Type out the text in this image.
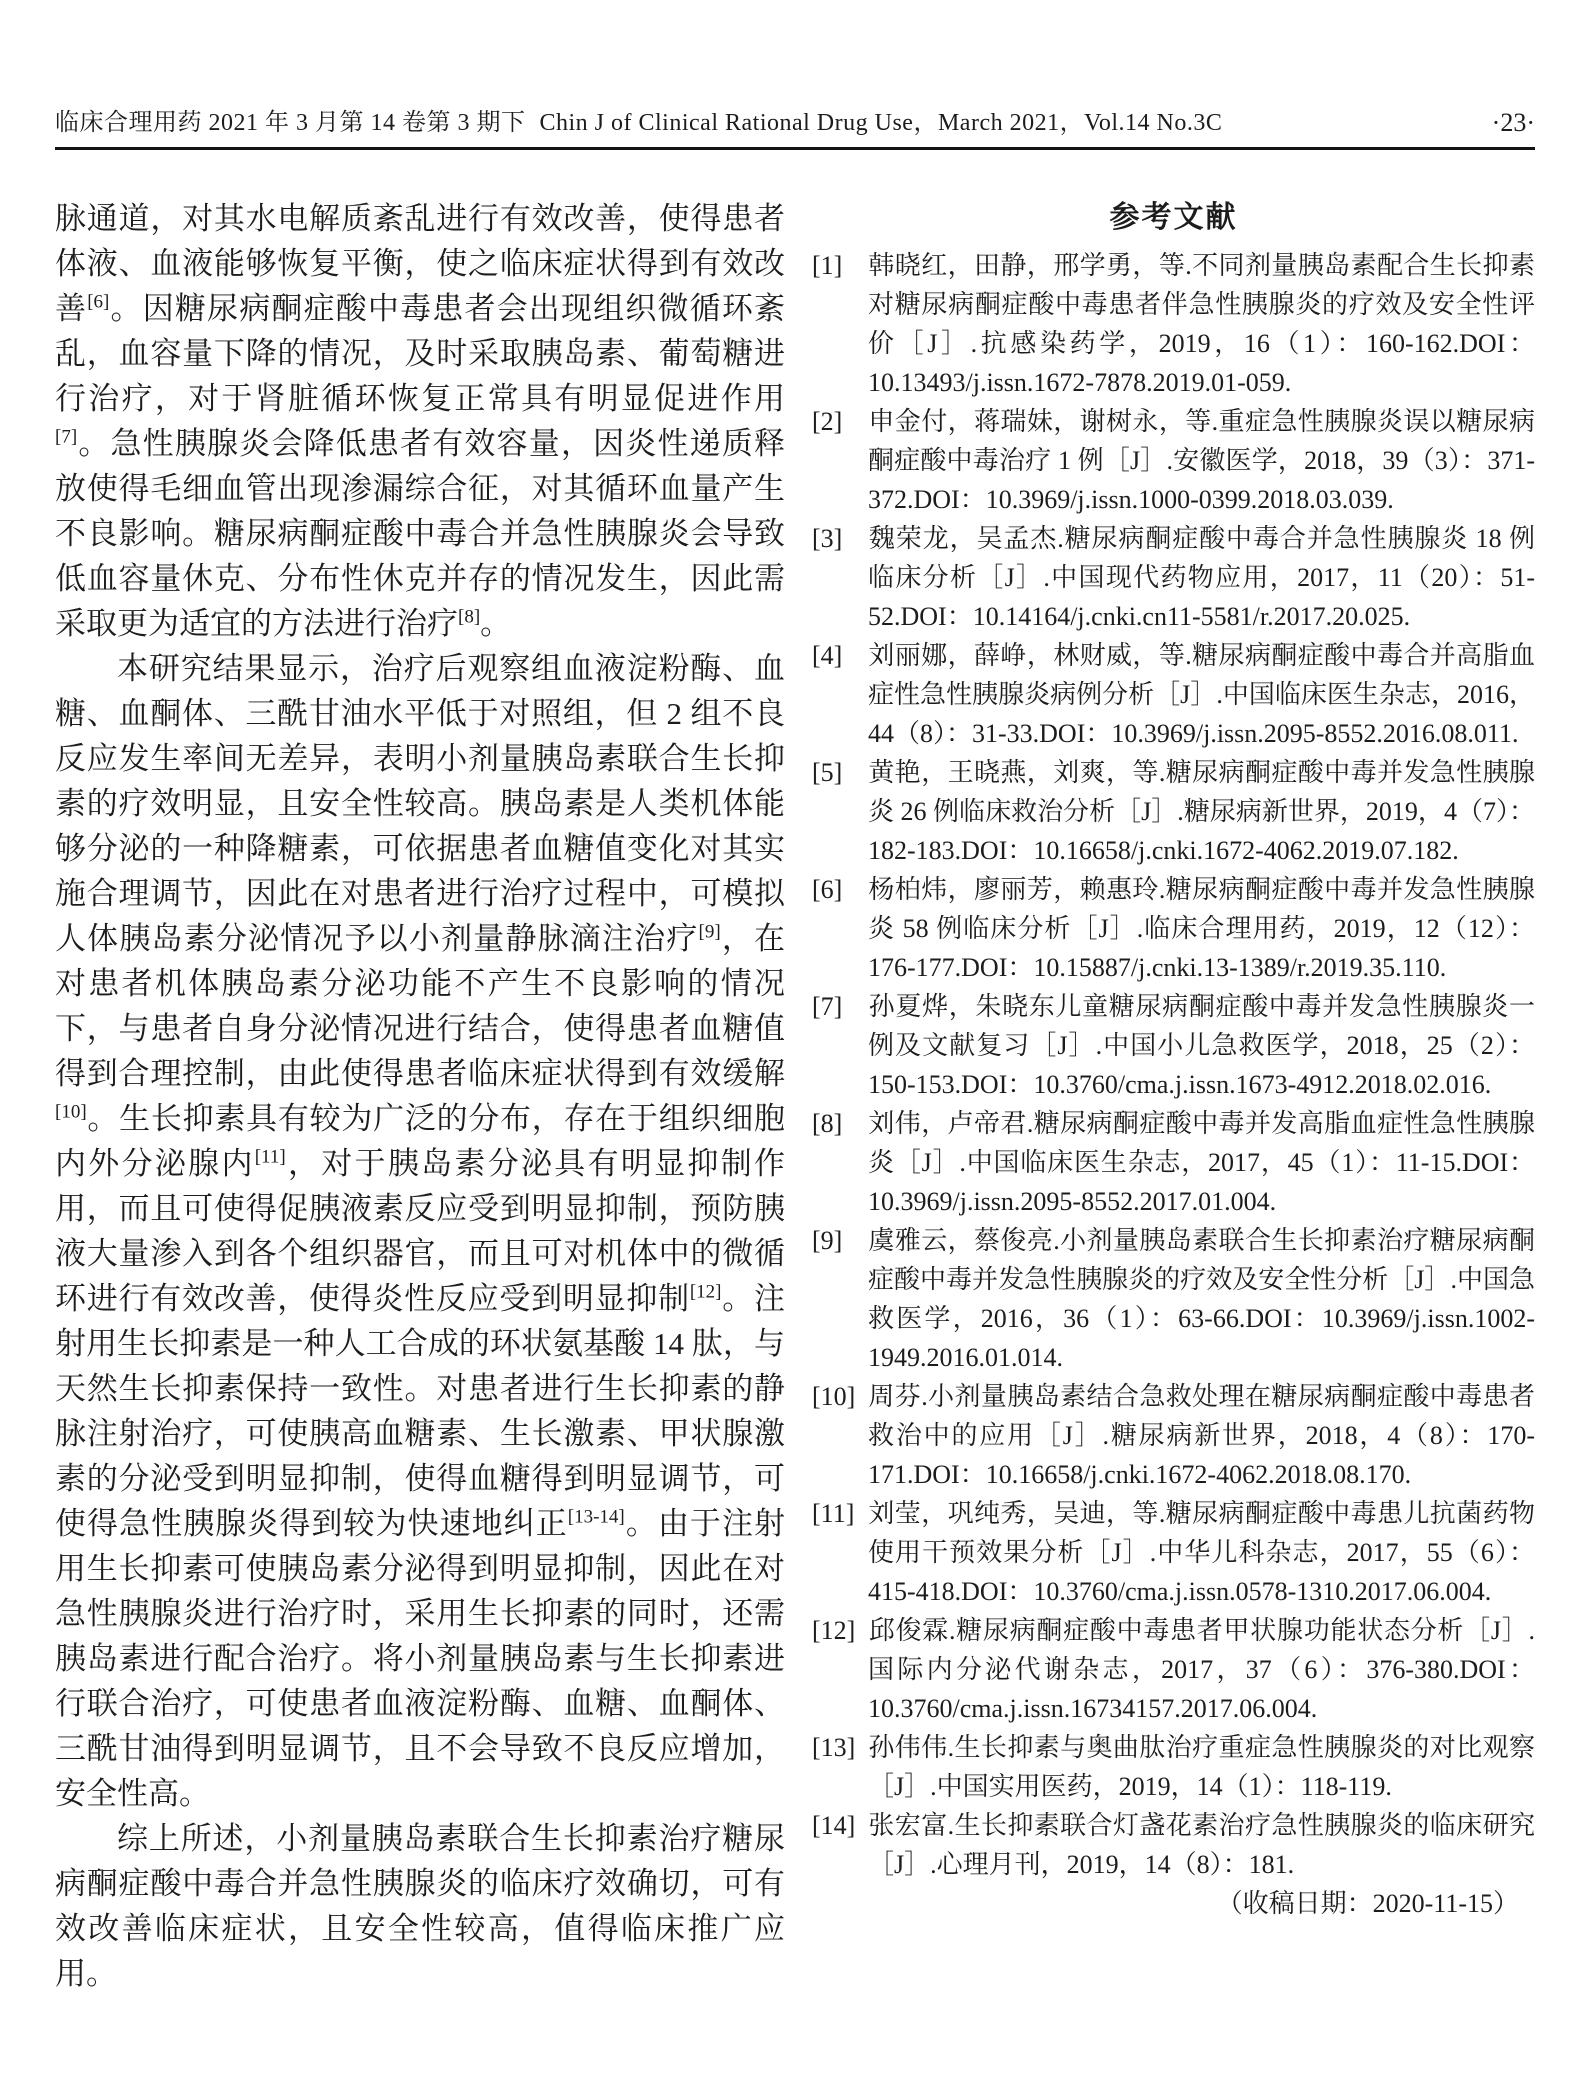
临床合理用药 2021 年 3 月第 14 卷第 3 期下 Chin J of Clinical Rational Drug Use，March 2021，Vol.14 No.3C	·23·

脉通道，对其水电解质紊乱进行有效改善，使得患者体液、血液能够恢复平衡，使之临床症状得到有效改善[6]。因糖尿病酮症酸中毒患者会出现组织微循环紊乱，血容量下降的情况，及时采取胰岛素、葡萄糖进行治疗，对于肾脏循环恢复正常具有明显促进作用[7]。急性胰腺炎会降低患者有效容量，因炎性递质释放使得毛细血管出现渗漏综合征，对其循环血量产生不良影响。糖尿病酮症酸中毒合并急性胰腺炎会导致低血容量休克、分布性休克并存的情况发生，因此需采取更为适宜的方法进行治疗[8]。

本研究结果显示，治疗后观察组血液淀粉酶、血糖、血酮体、三酰甘油水平低于对照组，但 2 组不良反应发生率间无差异，表明小剂量胰岛素联合生长抑素的疗效明显，且安全性较高。胰岛素是人类机体能够分泌的一种降糖素，可依据患者血糖值变化对其实施合理调节，因此在对患者进行治疗过程中，可模拟人体胰岛素分泌情况予以小剂量静脉滴注治疗[9]，在对患者机体胰岛素分泌功能不产生不良影响的情况下，与患者自身分泌情况进行结合，使得患者血糖值得到合理控制，由此使得患者临床症状得到有效缓解[10]。生长抑素具有较为广泛的分布，存在于组织细胞内外分泌腺内[11]，对于胰岛素分泌具有明显抑制作用，而且可使得促胰液素反应受到明显抑制，预防胰液大量渗入到各个组织器官，而且可对机体中的微循环进行有效改善，使得炎性反应受到明显抑制[12]。注射用生长抑素是一种人工合成的环状氨基酸 14 肽，与天然生长抑素保持一致性。对患者进行生长抑素的静脉注射治疗，可使胰高血糖素、生长激素、甲状腺激素的分泌受到明显抑制，使得血糖得到明显调节，可使得急性胰腺炎得到较为快速地纠正[13-14]。由于注射用生长抑素可使胰岛素分泌得到明显抑制，因此在对急性胰腺炎进行治疗时，采用生长抑素的同时，还需胰岛素进行配合治疗。将小剂量胰岛素与生长抑素进行联合治疗，可使患者血液淀粉酶、血糖、血酮体、三酰甘油得到明显调节，且不会导致不良反应增加，安全性高。

综上所述，小剂量胰岛素联合生长抑素治疗糖尿病酮症酸中毒合并急性胰腺炎的临床疗效确切，可有效改善临床症状，且安全性较高，值得临床推广应用。

参考文献
[1] 韩晓红，田静，邢学勇，等.不同剂量胰岛素配合生长抑素对糖尿病酮症酸中毒患者伴急性胰腺炎的疗效及安全性评价［J］.抗感染药学，2019，16（1）：160-162.DOI：10.13493/j.issn.1672-7878.2019.01-059.
[2] 申金付，蒋瑞妹，谢树永，等.重症急性胰腺炎误以糖尿病酮症酸中毒治疗 1 例［J］.安徽医学，2018，39（3）：371-372.DOI：10.3969/j.issn.1000-0399.2018.03.039.
[3] 魏荣龙，吴孟杰.糖尿病酮症酸中毒合并急性胰腺炎 18 例临床分析［J］.中国现代药物应用，2017，11（20）：51-52.DOI：10.14164/j.cnki.cn11-5581/r.2017.20.025.
[4] 刘丽娜，薛峥，林财威，等.糖尿病酮症酸中毒合并高脂血症性急性胰腺炎病例分析［J］.中国临床医生杂志，2016，44（8）：31-33.DOI：10.3969/j.issn.2095-8552.2016.08.011.
[5] 黄艳，王晓燕，刘爽，等.糖尿病酮症酸中毒并发急性胰腺炎 26 例临床救治分析［J］.糖尿病新世界，2019，4（7）：182-183.DOI：10.16658/j.cnki.1672-4062.2019.07.182.
[6] 杨柏炜，廖丽芳，赖惠玲.糖尿病酮症酸中毒并发急性胰腺炎 58 例临床分析［J］.临床合理用药，2019，12（12）：176-177.DOI：10.15887/j.cnki.13-1389/r.2019.35.110.
[7] 孙夏烨，朱晓东儿童糖尿病酮症酸中毒并发急性胰腺炎一例及文献复习［J］.中国小儿急救医学，2018，25（2）：150-153.DOI：10.3760/cma.j.issn.1673-4912.2018.02.016.
[8] 刘伟，卢帝君.糖尿病酮症酸中毒并发高脂血症性急性胰腺炎［J］.中国临床医生杂志，2017，45（1）：11-15.DOI：10.3969/j.issn.2095-8552.2017.01.004.
[9] 虞雅云，蔡俊亮.小剂量胰岛素联合生长抑素治疗糖尿病酮症酸中毒并发急性胰腺炎的疗效及安全性分析［J］.中国急救医学，2016，36（1）：63-66.DOI：10.3969/j.issn.1002-1949.2016.01.014.
[10] 周芬.小剂量胰岛素结合急救处理在糖尿病酮症酸中毒患者救治中的应用［J］.糖尿病新世界，2018，4（8）：170-171.DOI：10.16658/j.cnki.1672-4062.2018.08.170.
[11] 刘莹，巩纯秀，吴迪，等.糖尿病酮症酸中毒患儿抗菌药物使用干预效果分析［J］.中华儿科杂志，2017，55（6）：415-418.DOI：10.3760/cma.j.issn.0578-1310.2017.06.004.
[12] 邱俊霖.糖尿病酮症酸中毒患者甲状腺功能状态分析［J］.国际内分泌代谢杂志，2017，37（6）：376-380.DOI：10.3760/cma.j.issn.16734157.2017.06.004.
[13] 孙伟伟.生长抑素与奥曲肽治疗重症急性胰腺炎的对比观察［J］.中国实用医药，2019，14（1）：118-119.
[14] 张宏富.生长抑素联合灯盏花素治疗急性胰腺炎的临床研究［J］.心理月刊，2019，14（8）：181.
（收稿日期：2020-11-15）
